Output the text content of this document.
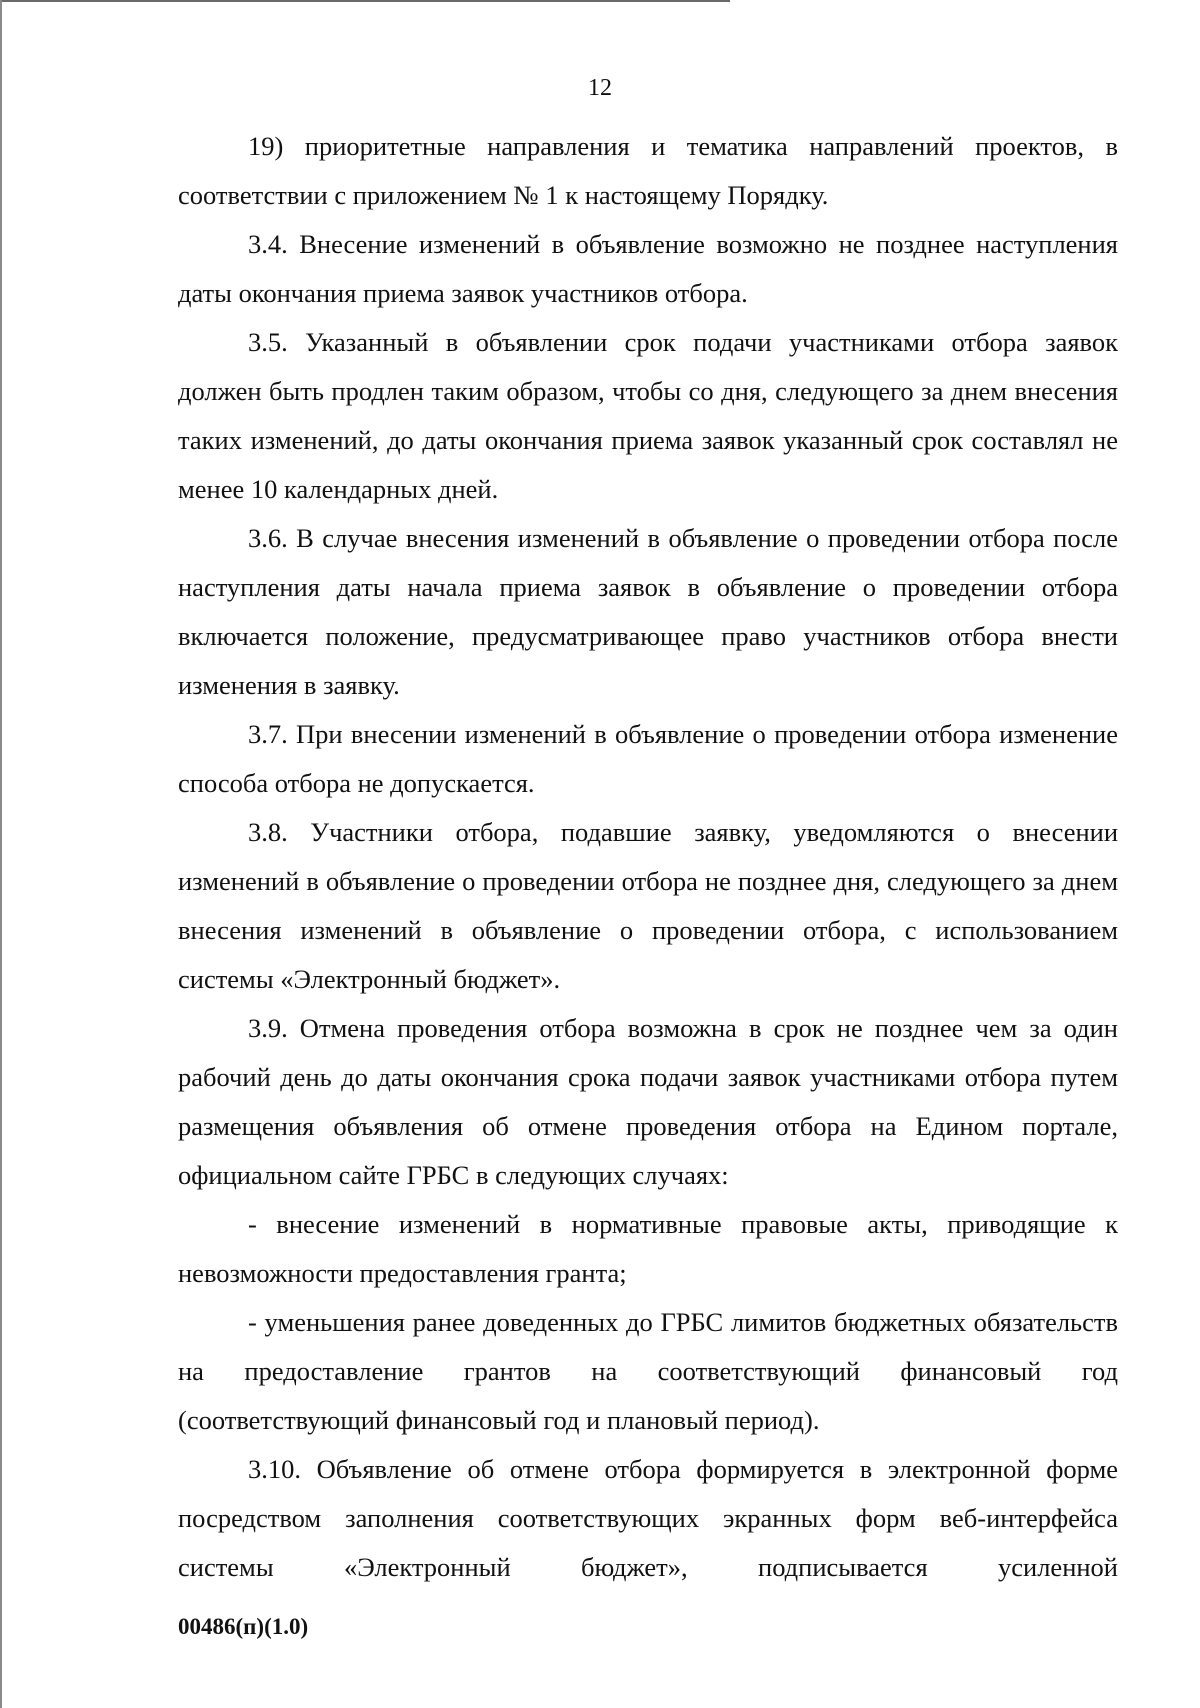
12

19) приоритетные направления и тематика направлений проектов, в соответствии с приложением № 1 к настоящему Порядку.

3.4. Внесение изменений в объявление возможно не позднее наступления даты окончания приема заявок участников отбора.

3.5. Указанный в объявлении срок подачи участниками отбора заявок должен быть продлен таким образом, чтобы со дня, следующего за днем внесения таких изменений, до даты окончания приема заявок указанный срок составлял не менее 10 календарных дней.

3.6. В случае внесения изменений в объявление о проведении отбора после наступления даты начала приема заявок в объявление о проведении отбора включается положение, предусматривающее право участников отбора внести изменения в заявку.

3.7. При внесении изменений в объявление о проведении отбора изменение способа отбора не допускается.

3.8. Участники отбора, подавшие заявку, уведомляются о внесении изменений в объявление о проведении отбора не позднее дня, следующего за днем внесения изменений в объявление о проведении отбора, с использованием системы «Электронный бюджет».

3.9. Отмена проведения отбора возможна в срок не позднее чем за один рабочий день до даты окончания срока подачи заявок участниками отбора путем размещения объявления об отмене проведения отбора на Едином портале, официальном сайте ГРБС в следующих случаях:

- внесение изменений в нормативные правовые акты, приводящие к невозможности предоставления гранта;

- уменьшения ранее доведенных до ГРБС лимитов бюджетных обязательств на предоставление грантов на соответствующий финансовый год (соответствующий финансовый год и плановый период).

3.10. Объявление об отмене отбора формируется в электронной форме посредством заполнения соответствующих экранных форм веб-интерфейса системы «Электронный бюджет», подписывается усиленной

00486(п)(1.0)
